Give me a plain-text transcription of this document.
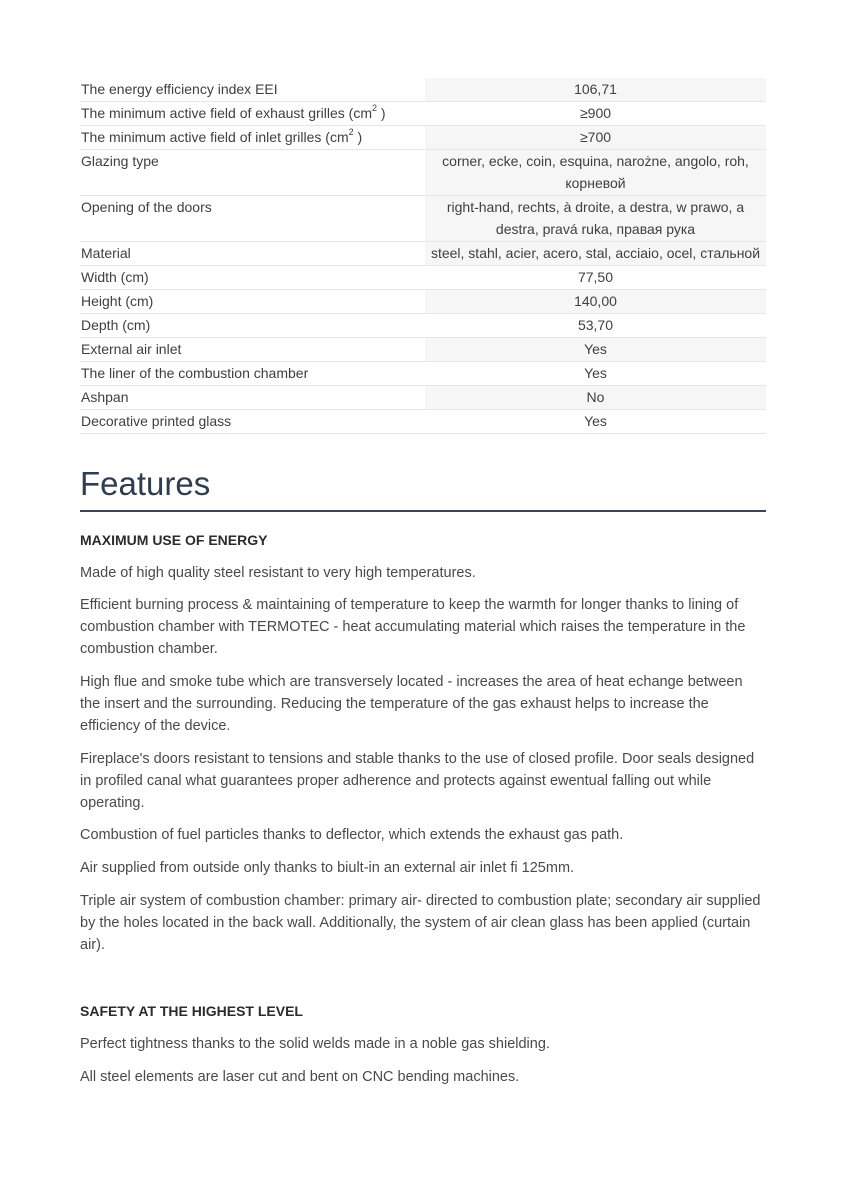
The energy efficiency index EEI	106,71
The minimum active field of exhaust grilles ($cm^2$ )	≥900
The minimum active field of inlet grilles ($cm^2$ )	≥700
Glazing type	corner, ecke, coin, esquina, narożne, angolo, roh, корневой
Opening of the doors	right-hand, rechts, à droite, a destra, w prawo, a destra, pravá ruka, правая рука
Material	steel, stahl, acier, acero, stal, acciaio, ocel, стальной
Width (cm)	77,50
Height (cm)	140,00
Depth (cm)	53,70
External air inlet	Yes
The liner of the combustion chamber	Yes
Ashpan	No
Decorative printed glass	Yes
Features
MAXIMUM USE OF ENERGY

Made of high quality steel resistant to very high temperatures.

Efficient burning process & maintaining of temperature to keep the warmth for longer thanks to lining of combustion chamber with TERMOTEC - heat accumulating material which raises the temperature in the combustion chamber.

High flue and smoke tube which are transversely located - increases the area of heat echange between the insert and the surrounding. Reducing the temperature of the gas exhaust helps to increase the efficiency of the device.

Fireplace's doors resistant to tensions and stable thanks to the use of closed profile. Door seals designed in profiled canal what guarantees proper adherence and protects against ewentual falling out while operating.

Combustion of fuel particles thanks to deflector, which extends the exhaust gas path.

Air supplied from outside only thanks to biult-in an external air inlet fi 125mm.

Triple air system of combustion chamber: primary air- directed to combustion plate; secondary air supplied by the holes located in the back wall. Additionally, the system of air clean glass has been applied (curtain air).

SAFETY AT THE HIGHEST LEVEL

Perfect tightness thanks to the solid welds made in a noble gas shielding.

All steel elements are laser cut and bent on CNC bending machines.
